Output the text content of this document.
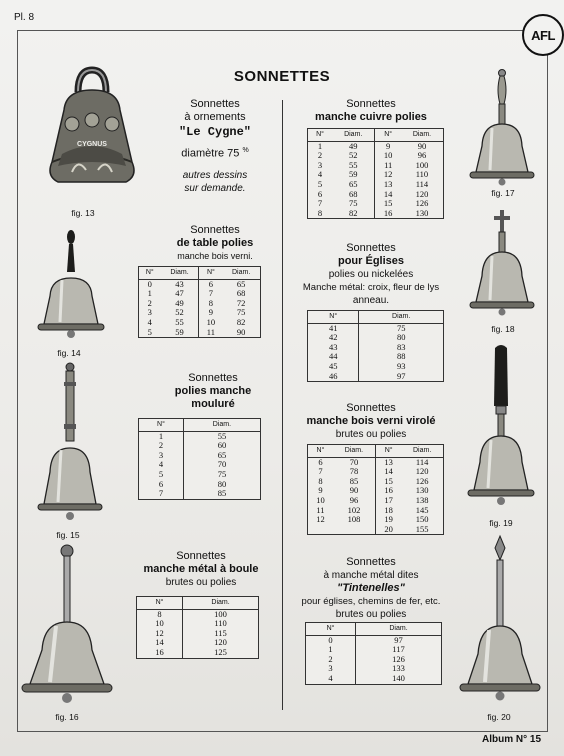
Pl. 8
AFL
SONNETTES
CYGNUS
fig. 13
Sonnettes
à ornements
"Le Cygne"
diamètre 75 %
autres dessins
sur demande.
Sonnettes
de table polies
manche bois verni.
N°	Diam.	N°	Diam.
0	43	6	65
1	47	7	68
2	49	8	72
3	52	9	75
4	55	10	82
5	59	11	90
fig. 14
Sonnettes
polies manche
mouluré
N°	Diam.
1	55
2	60
3	65
4	70
5	75
6	80
7	85
fig. 15
Sonnettes
manche métal à boule
brutes ou polies
N°	Diam.
8	100
10	110
12	115
14	120
16	125
fig. 16
Sonnettes
manche cuivre polies
N°	Diam.	N°	Diam.
1	49	9	90
2	52	10	96
3	55	11	100
4	59	12	110
5	65	13	114
6	68	14	120
7	75	15	126
8	82	16	130
fig. 17
Sonnettes
pour Églises
polies ou nickelées
Manche métal: croix, fleur de lys
anneau.
N°	Diam.
41	75
42	80
43	83
44	88
45	93
46	97
fig. 18
Sonnettes
manche bois verni virolé
brutes ou polies
N°	Diam.	N°	Diam.
6	70	13	114
7	78	14	120
8	85	15	126
9	90	16	130
10	96	17	138
11	102	18	145
12	108	19	150
		20	155
fig. 19
Sonnettes
à manche métal dites
"Tintenelles"
pour églises, chemins de fer, etc.
brutes ou polies
N°	Diam.
0	97
1	117
2	126
3	133
4	140
fig. 20
Album N° 15
